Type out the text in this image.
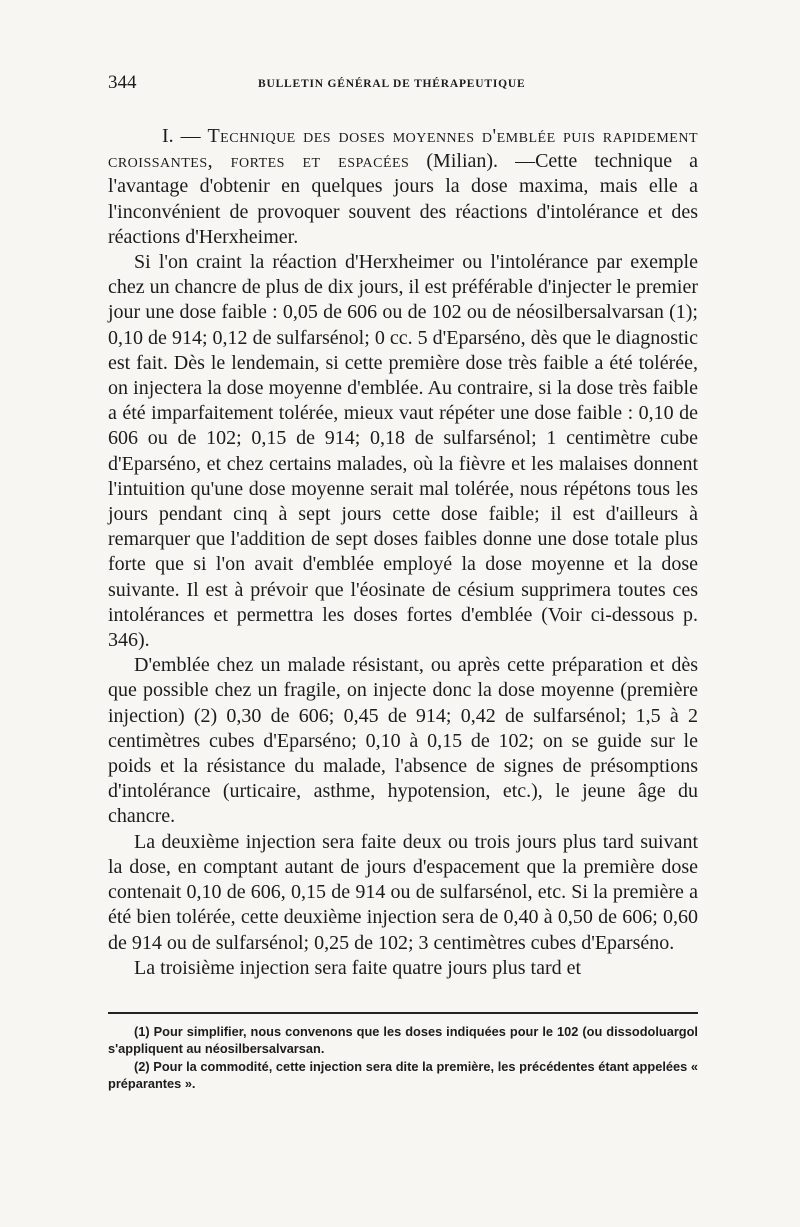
344	BULLETIN GÉNÉRAL DE THÉRAPEUTIQUE

I. — Technique des doses moyennes d'emblée puis rapidement croissantes, fortes et espacées (Milian). —Cette technique a l'avantage d'obtenir en quelques jours la dose maxima, mais elle a l'inconvénient de provoquer souvent des réactions d'intolérance et des réactions d'Herxheimer.

Si l'on craint la réaction d'Herxheimer ou l'intolérance par exemple chez un chancre de plus de dix jours, il est préférable d'injecter le premier jour une dose faible : 0,05 de 606 ou de 102 ou de néosilbersalvarsan (1); 0,10 de 914; 0,12 de sulfarsénol; 0 cc. 5 d'Eparséno, dès que le diagnostic est fait. Dès le lendemain, si cette première dose très faible a été tolérée, on injectera la dose moyenne d'emblée. Au contraire, si la dose très faible a été imparfaitement tolérée, mieux vaut répéter une dose faible : 0,10 de 606 ou de 102; 0,15 de 914; 0,18 de sulfarsénol; 1 centimètre cube d'Eparséno, et chez certains malades, où la fièvre et les malaises donnent l'intuition qu'une dose moyenne serait mal tolérée, nous répétons tous les jours pendant cinq à sept jours cette dose faible; il est d'ailleurs à remarquer que l'addition de sept doses faibles donne une dose totale plus forte que si l'on avait d'emblée employé la dose moyenne et la dose suivante. Il est à prévoir que l'éosinate de césium supprimera toutes ces intolérances et permettra les doses fortes d'emblée (Voir ci-dessous p. 346).

D'emblée chez un malade résistant, ou après cette préparation et dès que possible chez un fragile, on injecte donc la dose moyenne (première injection) (2) 0,30 de 606; 0,45 de 914; 0,42 de sulfarsénol; 1,5 à 2 centimètres cubes d'Eparséno; 0,10 à 0,15 de 102; on se guide sur le poids et la résistance du malade, l'absence de signes de présomptions d'intolérance (urticaire, asthme, hypotension, etc.), le jeune âge du chancre.

La deuxième injection sera faite deux ou trois jours plus tard suivant la dose, en comptant autant de jours d'espacement que la première dose contenait 0,10 de 606, 0,15 de 914 ou de sulfarsénol, etc. Si la première a été bien tolérée, cette deuxième injection sera de 0,40 à 0,50 de 606; 0,60 de 914 ou de sulfarsénol; 0,25 de 102; 3 centimètres cubes d'Eparséno.

La troisième injection sera faite quatre jours plus tard et

(1) Pour simplifier, nous convenons que les doses indiquées pour le 102 (ou dissodoluargol s'appliquent au néosilbersalvarsan.

(2) Pour la commodité, cette injection sera dite la première, les précédentes étant appelées « préparantes ».
